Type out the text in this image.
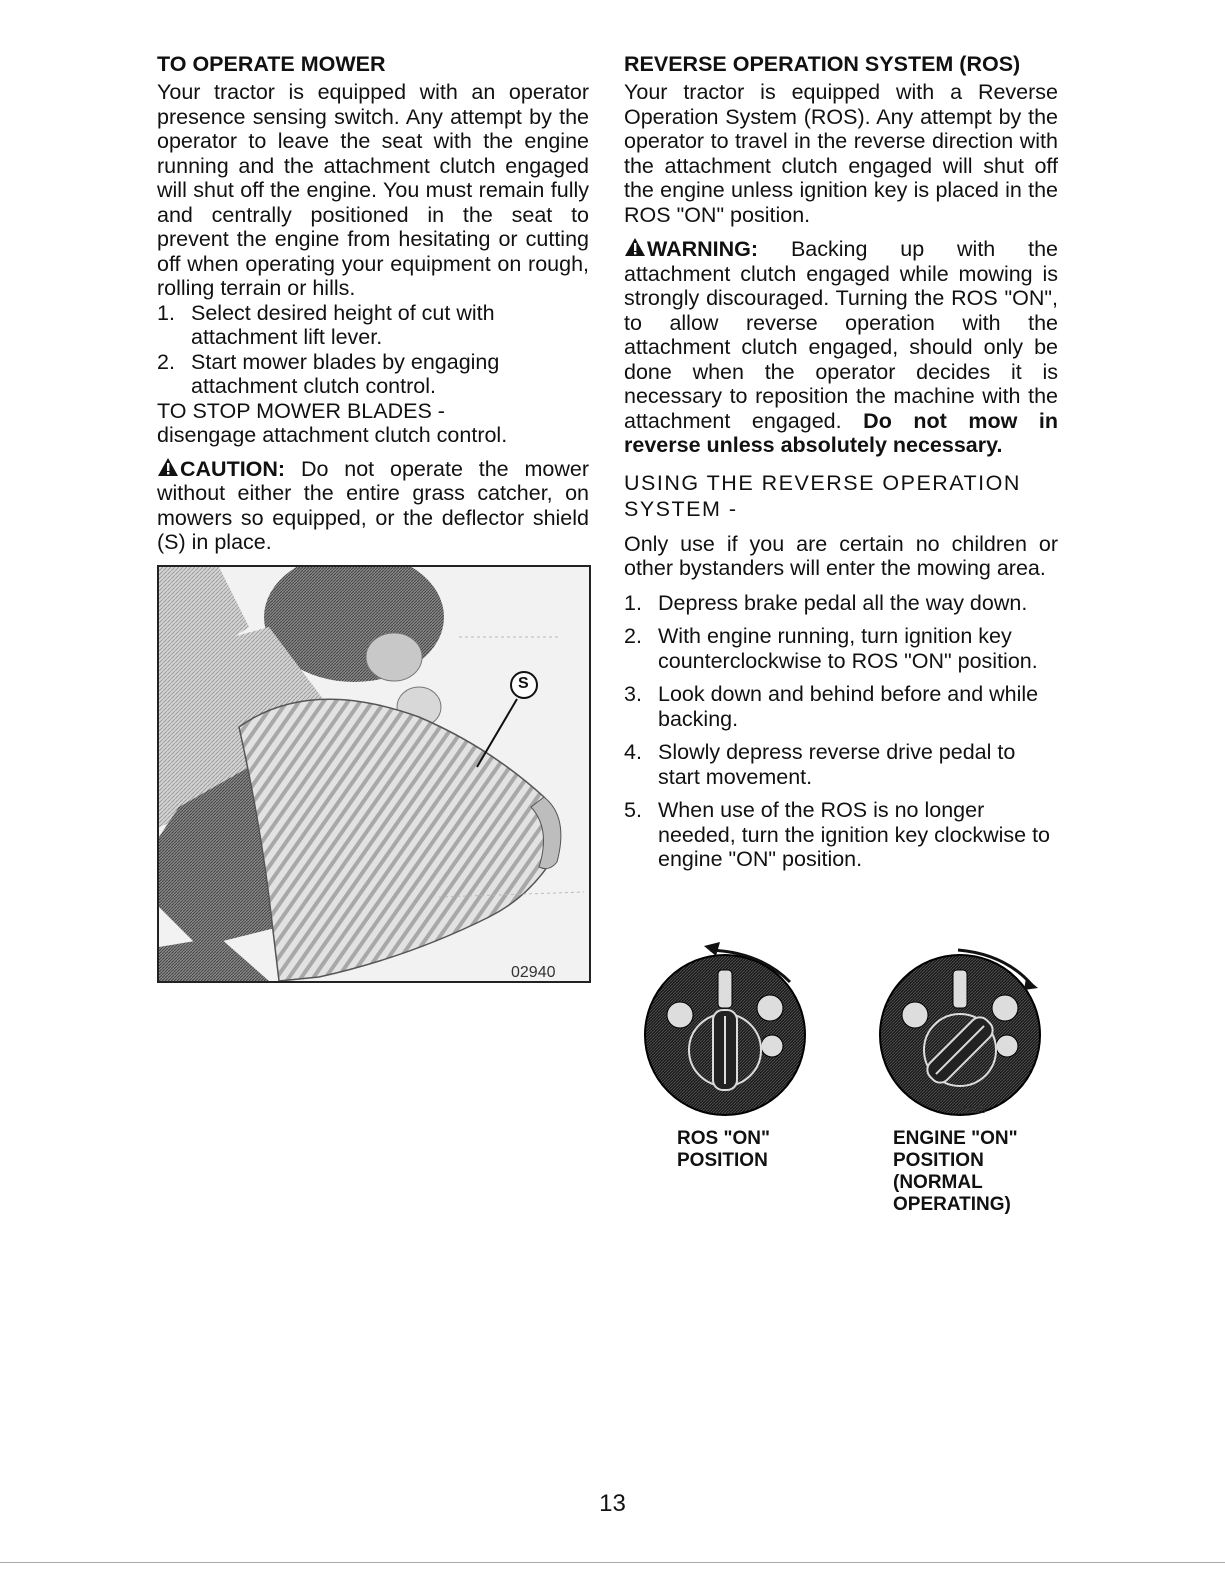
TO OPERATE MOWER

Your tractor is equipped with an operator presence sensing switch. Any attempt by the operator to leave the seat with the engine running and the attachment clutch engaged will shut off the engine. You must remain fully and centrally positioned in the seat to prevent the engine from hesitating or cutting off when operating your equipment on rough, rolling terrain or hills.

1. Select desired height of cut with attachment lift lever.
2. Start mower blades by engaging attachment clutch control.

TO STOP MOWER BLADES -

disengage attachment clutch control.

CAUTION: Do not operate the mower without either the entire grass catcher, on mowers so equipped, or the deflector shield (S) in place.

02940
S
REVERSE OPERATION SYSTEM (ROS)

Your tractor is equipped with a Reverse Operation System (ROS). Any attempt by the operator to travel in the reverse direction with the attachment clutch engaged will shut off the engine unless ignition key is placed in the ROS "ON" position.

WARNING: Backing up with the attachment clutch engaged while mowing is strongly discouraged. Turning the ROS "ON", to allow reverse operation with the attachment clutch engaged, should only be done when the operator decides it is necessary to reposition the machine with the attachment engaged. Do not mow in reverse unless absolutely necessary.

USING THE REVERSE OPERATION SYSTEM -

Only use if you are certain no children or other bystanders will enter the mowing area.

1. Depress brake pedal all the way down.
2. With engine running, turn ignition key counterclockwise to ROS "ON" position.
3. Look down and behind before and while backing.
4. Slowly depress reverse drive pedal to start movement.
5. When use of the ROS is no longer needed, turn the ignition key clockwise to engine "ON" position.
02828
ROS "ON"
POSITION
ENGINE "ON"
POSITION
(NORMAL
OPERATING)
13
